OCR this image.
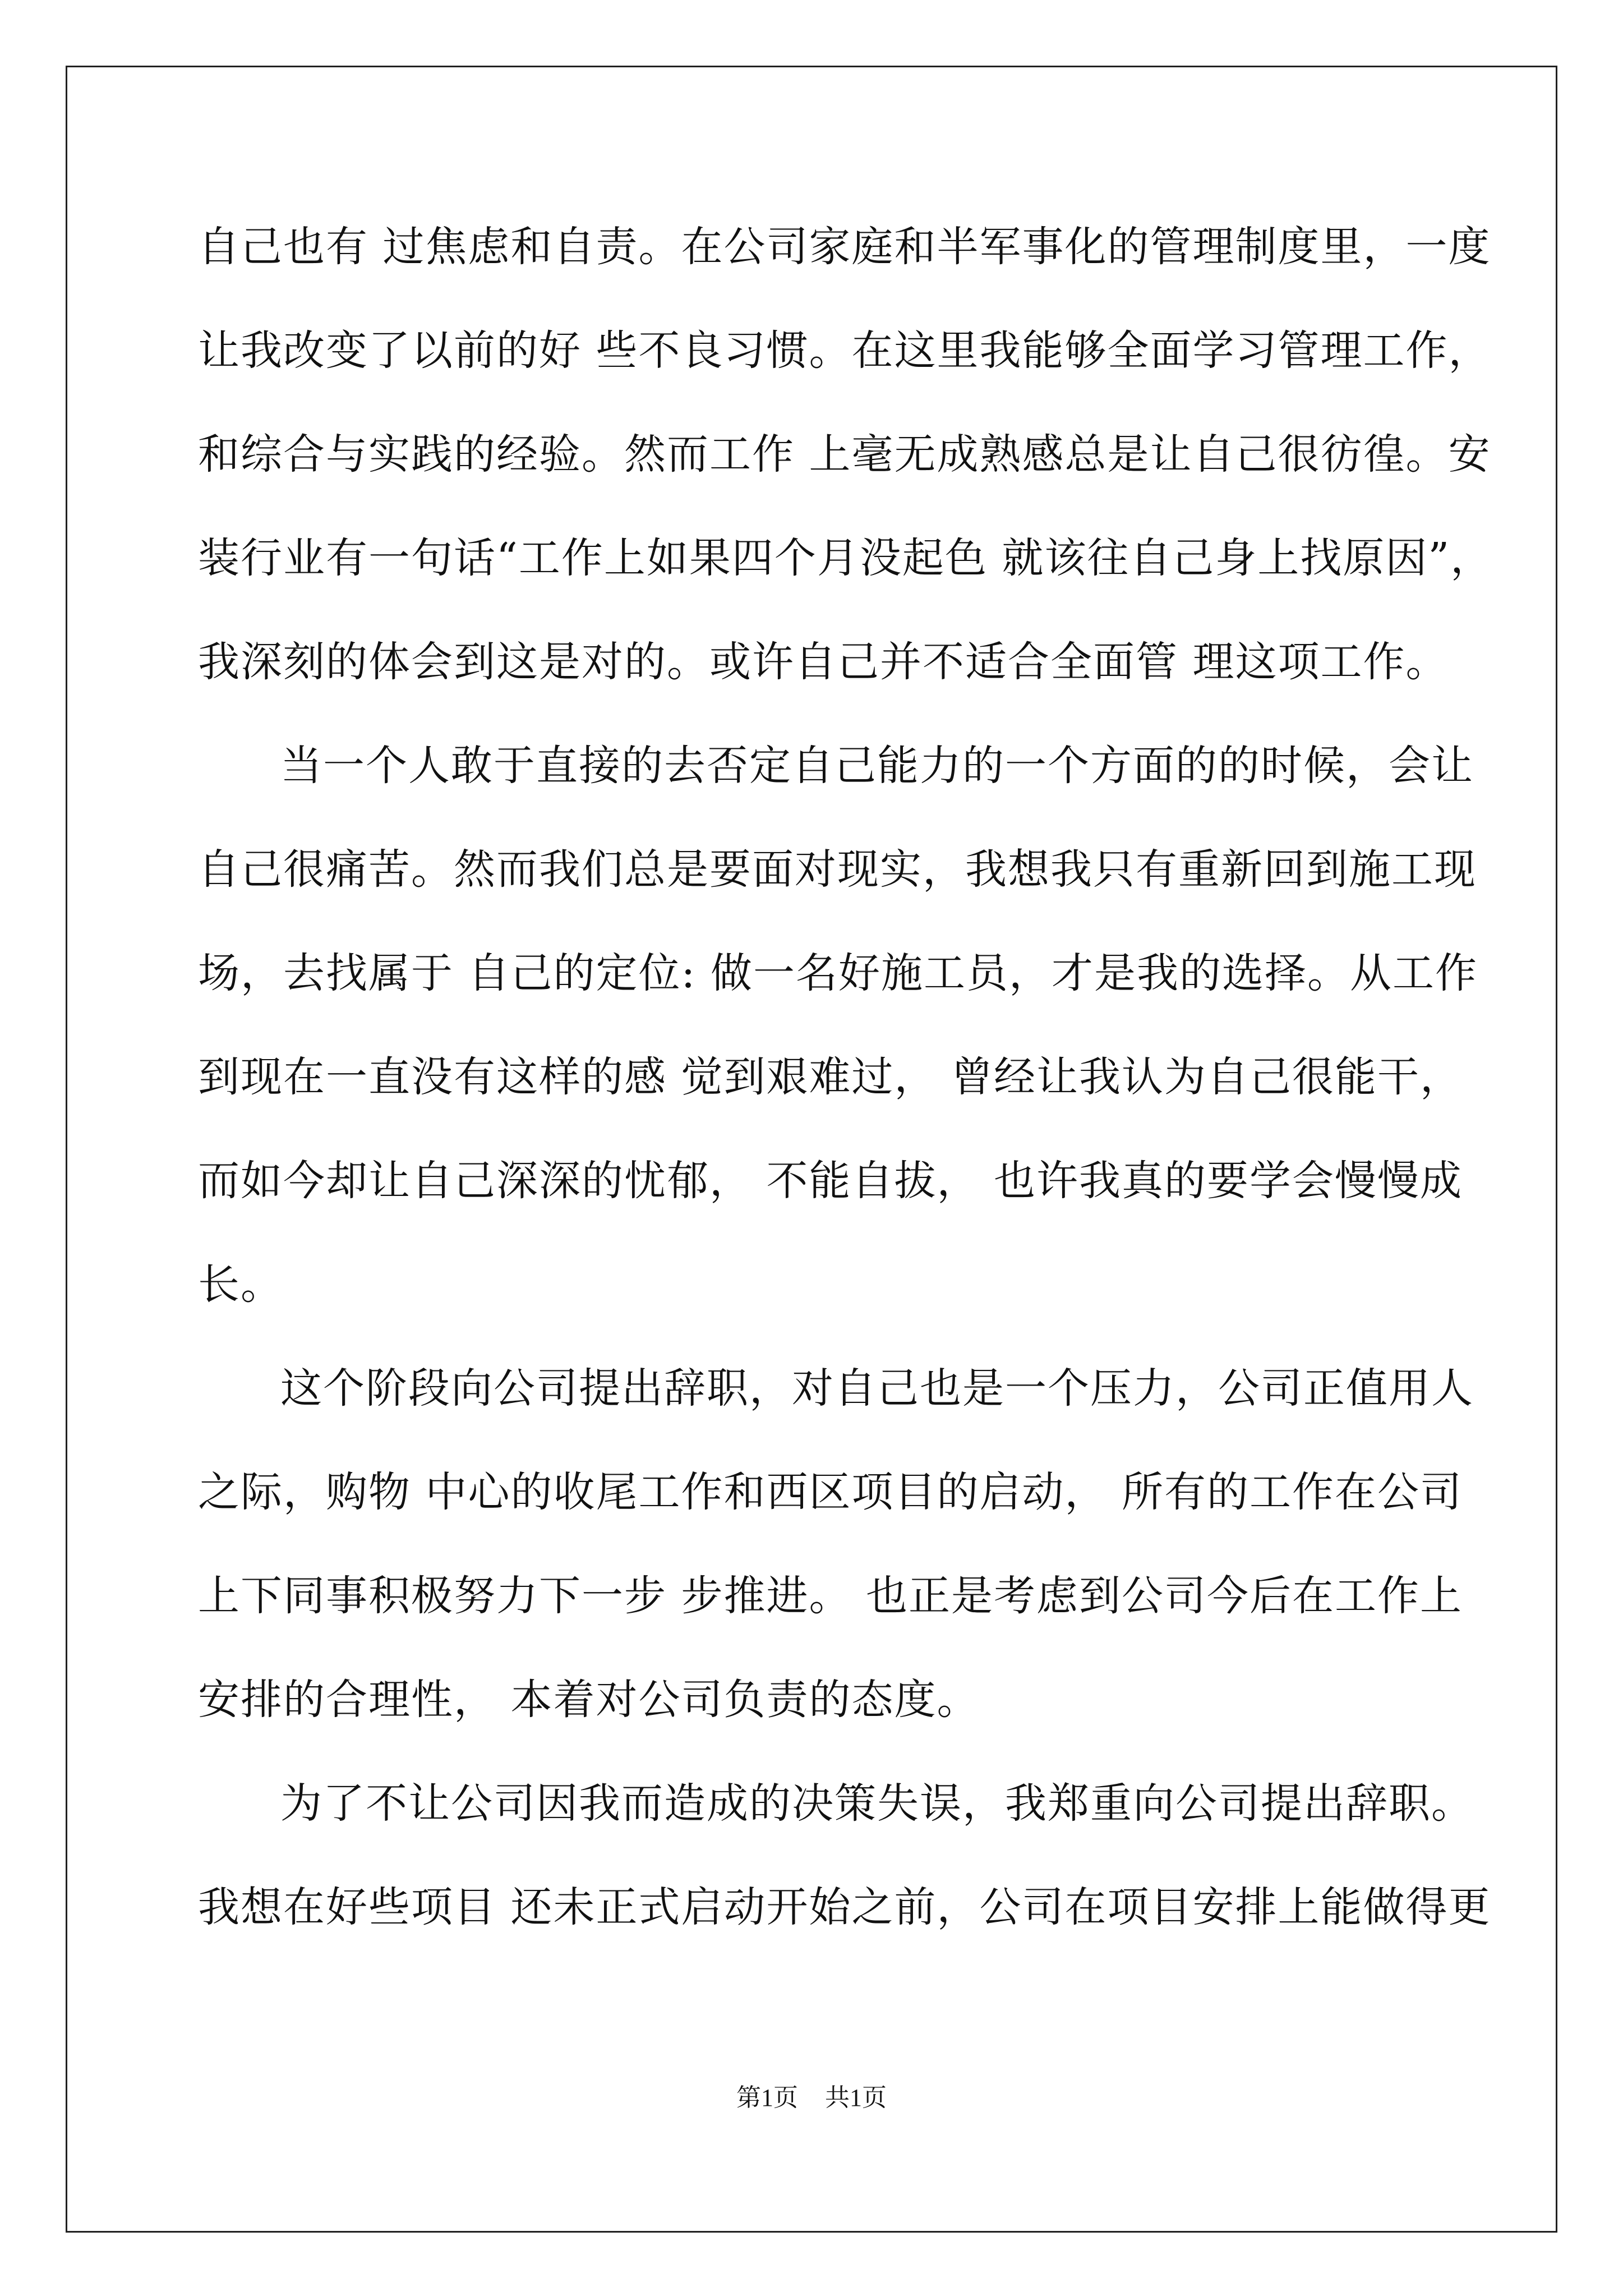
自己也有 过焦虑和自责。在公司家庭和半军事化的管理制度里，一度
让我改变了以前的好 些不良习惯。在这里我能够全面学习管理工作，
和综合与实践的经验。然而工作 上毫无成熟感总是让自己很彷徨。安
装行业有一句话“工作上如果四个月没起色 就该往自己身上找原因”，
我深刻的体会到这是对的。或许自己并不适合全面管 理这项工作。
当一个人敢于直接的去否定自己能力的一个方面的的时候，会让
自己很痛苦。然而我们总是要面对现实，我想我只有重新回到施工现
场，去找属于 自己的定位: 做一名好施工员，才是我的选择。从工作
到现在一直没有这样的感 觉到艰难过， 曾经让我认为自己很能干，
而如今却让自己深深的忧郁， 不能自拔， 也许我真的要学会慢慢成
长。
这个阶段向公司提出辞职，对自己也是一个压力，公司正值用人
之际，购物 中心的收尾工作和西区项目的启动， 所有的工作在公司
上下同事积极努力下一步 步推进。 也正是考虑到公司今后在工作上
安排的合理性， 本着对公司负责的态度。
为了不让公司因我而造成的决策失误，我郑重向公司提出辞职。
我想在好些项目 还未正式启动开始之前，公司在项目安排上能做得更
第1页 共1页
